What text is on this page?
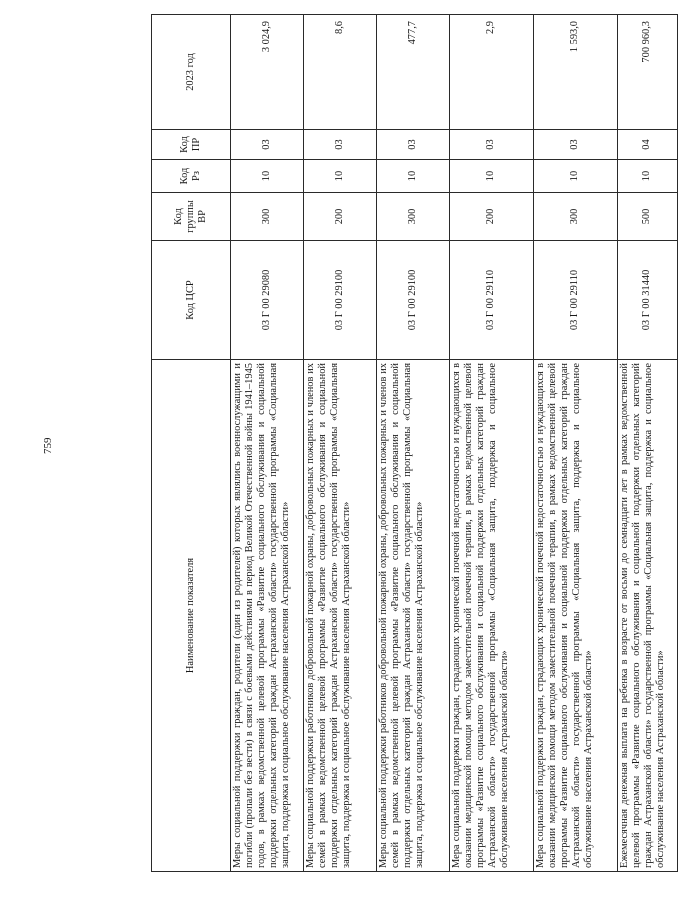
759
Наименование показателя	Код ЦСР	Код группы ВР	Код Рз	Код ПР	2023 год
Меры социальной поддержки граждан, родители (один из родителей) которых являлись военнослужащими и погибли (пропали без вести) в связи с боевыми действиями в период Великой Отечественной войны 1941–1945 годов, в рамках ведомственной целевой программы «Развитие социального обслуживания и социальной поддержки отдельных категорий граждан Астраханской области» государственной программы «Социальная защита, поддержка и социальное обслуживание населения Астраханской области»	03 Г 00 29080	300	10	03	3 024,9
Меры социальной поддержки работников добровольной пожарной охраны, добровольных пожарных и членов их семей в рамках ведомственной целевой программы «Развитие социального обслуживания и социальной поддержки отдельных категорий граждан Астраханской области» государственной программы «Социальная защита, поддержка и социальное обслуживание населения Астраханской области»	03 Г 00 29100	200	10	03	8,6
Меры социальной поддержки работников добровольной пожарной охраны, добровольных пожарных и членов их семей в рамках ведомственной целевой программы «Развитие социального обслуживания и социальной поддержки отдельных категорий граждан Астраханской области» государственной программы «Социальная защита, поддержка и социальное обслуживание населения Астраханской области»	03 Г 00 29100	300	10	03	477,7
Мера социальной поддержки граждан, страдающих хронической почечной недостаточностью и нуждающихся в оказании медицинской помощи методом заместительной почечной терапии, в рамках ведомственной целевой программы «Развитие социального обслуживания и социальной поддержки отдельных категорий граждан Астраханской области» государственной программы «Социальная защита, поддержка и социальное обслуживание населения Астраханской области»	03 Г 00 29110	200	10	03	2,9
Мера социальной поддержки граждан, страдающих хронической почечной недостаточностью и нуждающихся в оказании медицинской помощи методом заместительной почечной терапии, в рамках ведомственной целевой программы «Развитие социального обслуживания и социальной поддержки отдельных категорий граждан Астраханской области» государственной программы «Социальная защита, поддержка и социальное обслуживание населения Астраханской области»	03 Г 00 29110	300	10	03	1 593,0
Ежемесячная денежная выплата на ребенка в возрасте от восьми до семнадцати лет в рамках ведомственной целевой программы «Развитие социального обслуживания и социальной поддержки отдельных категорий граждан Астраханской области» государственной программы «Социальная защита, поддержка и социальное обслуживание населения Астраханской области»	03 Г 00 31440	500	10	04	700 960,3
